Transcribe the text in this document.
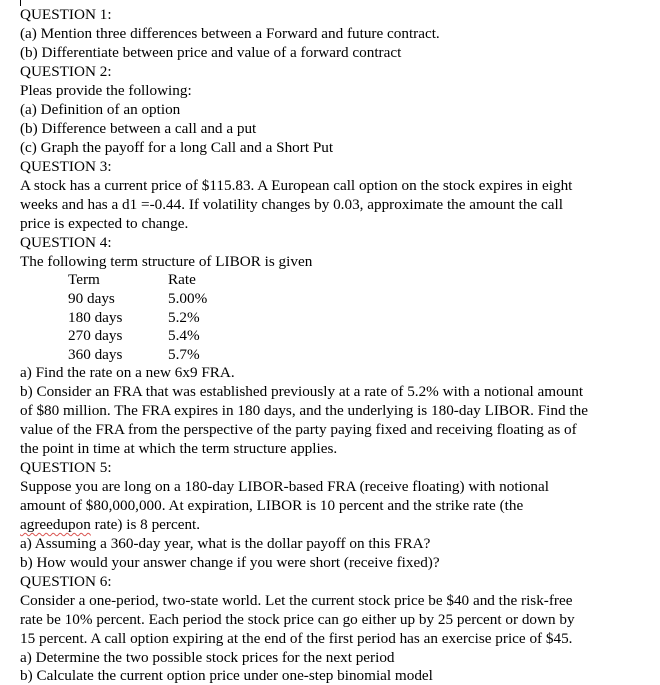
QUESTION 1:
(a) Mention three differences between a Forward and future contract.
(b) Differentiate between price and value of a forward contract
QUESTION 2:
Pleas provide the following:
(a) Definition of an option
(b) Difference between a call and a put
(c) Graph the payoff for a long Call and a Short Put
QUESTION 3:
A stock has a current price of $115.83. A European call option on the stock expires in eight
weeks and has a d1 =-0.44. If volatility changes by 0.03, approximate the amount the call
price is expected to change.
QUESTION 4:
The following term structure of LIBOR is given
Term	Rate
90 days	5.00%
180 days	5.2%
270 days	5.4%
360 days	5.7%
a) Find the rate on a new 6x9 FRA.
b) Consider an FRA that was established previously at a rate of 5.2% with a notional amount
of $80 million. The FRA expires in 180 days, and the underlying is 180-day LIBOR. Find the
value of the FRA from the perspective of the party paying fixed and receiving floating as of
the point in time at which the term structure applies.
QUESTION 5:
Suppose you are long on a 180-day LIBOR-based FRA (receive floating) with notional
amount of $80,000,000. At expiration, LIBOR is 10 percent and the strike rate (the
agreedupon rate) is 8 percent.
a) Assuming a 360-day year, what is the dollar payoff on this FRA?
b) How would your answer change if you were short (receive fixed)?
QUESTION 6:
Consider a one-period, two-state world. Let the current stock price be $40 and the risk-free
rate be 10% percent. Each period the stock price can go either up by 25 percent or down by
15 percent. A call option expiring at the end of the first period has an exercise price of $45.
a) Determine the two possible stock prices for the next period
b) Calculate the current option price under one-step binomial model
